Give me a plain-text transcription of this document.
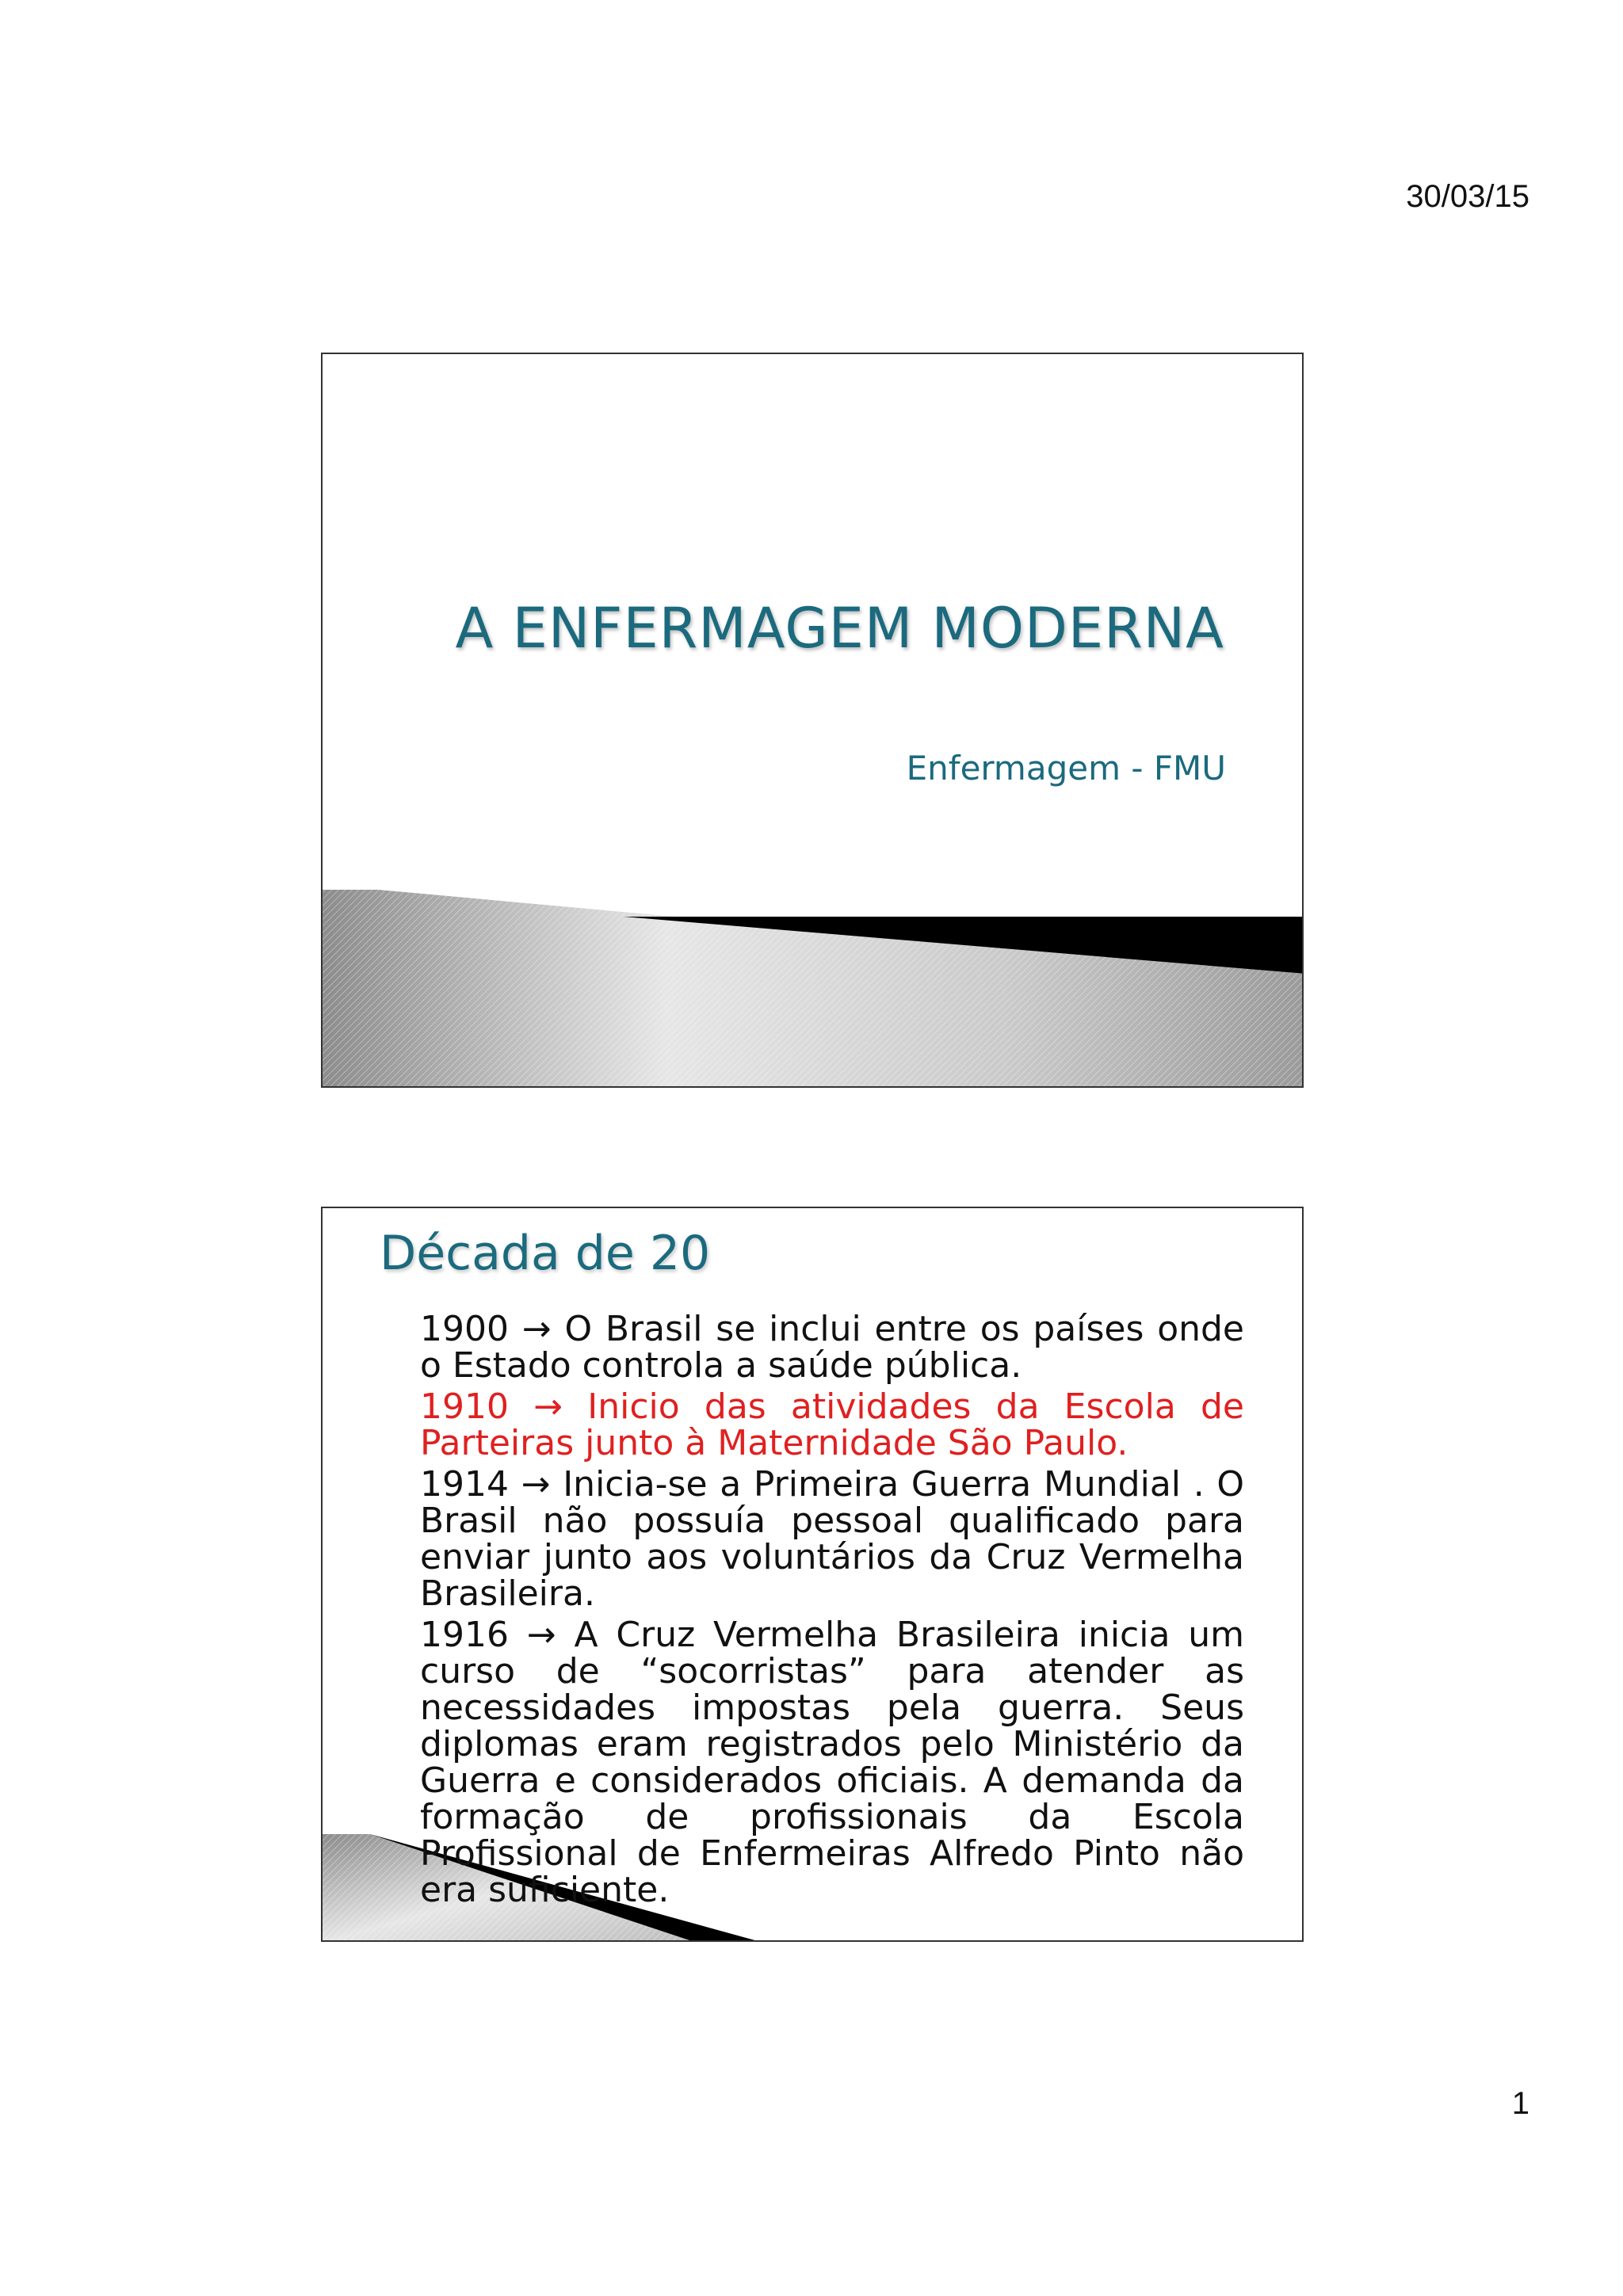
30/03/15
A ENFERMAGEM MODERNA
Enfermagem - FMU
Década de 20

1900 → O Brasil se inclui entre os países onde o Estado controla a saúde pública.

1910 → Inicio das atividades da Escola de Parteiras junto à Maternidade São Paulo.

1914 → Inicia-se a Primeira Guerra Mundial . O Brasil não possuía pessoal qualificado para enviar junto aos voluntários da Cruz Vermelha Brasileira.

1916 → A Cruz Vermelha Brasileira inicia um curso de “socorristas” para atender as necessidades impostas pela guerra. Seus diplomas eram registrados pelo Ministério da Guerra e considerados oficiais. A demanda da formação de profissionais da Escola Profissional de Enfermeiras Alfredo Pinto não era suficiente.

1
